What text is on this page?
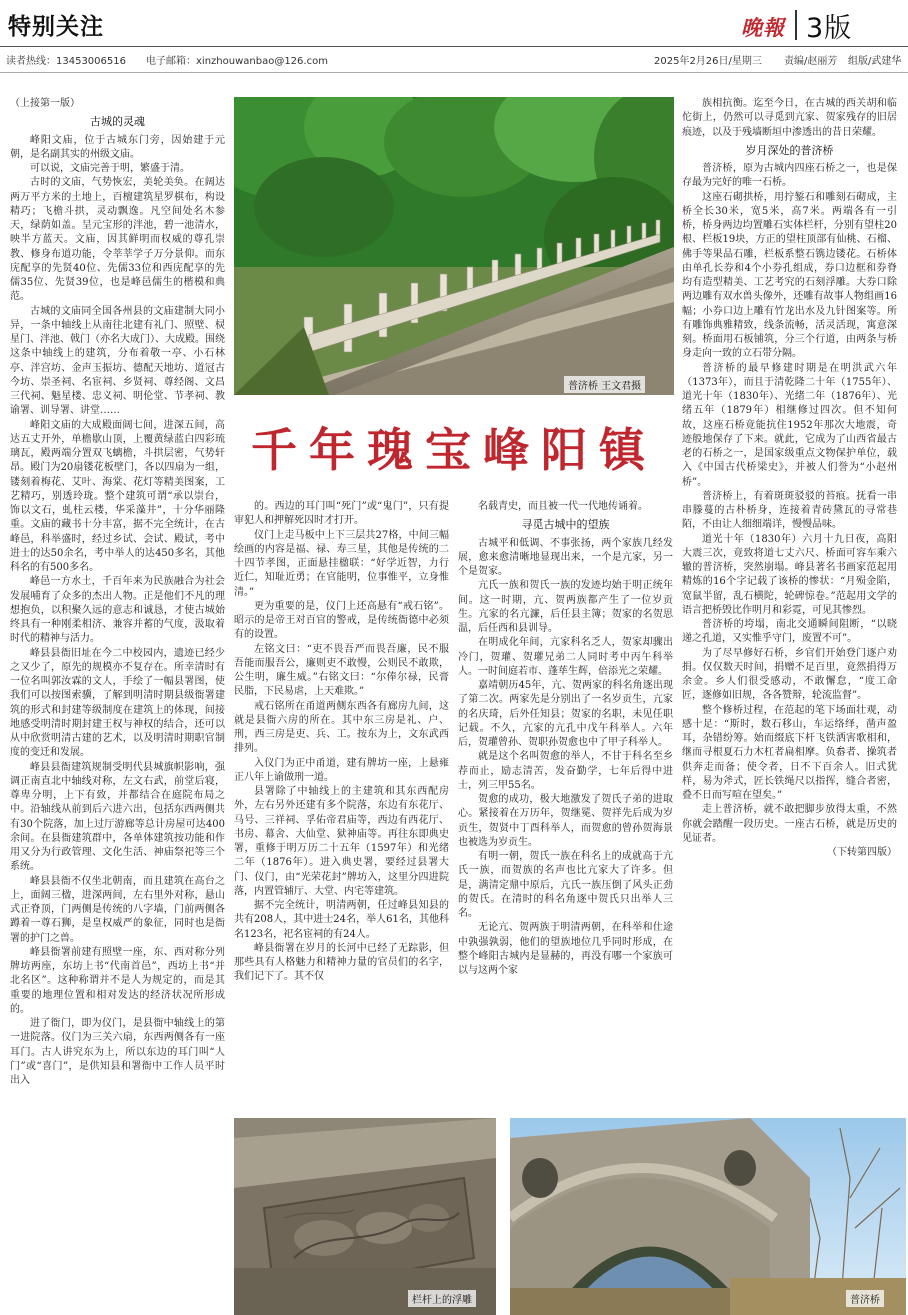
特别关注	晚報 3版
读者热线：13453006516 电子邮箱：xinzhouwanbao@126.com	2025年2月26日/星期三 责编/赵丽芳 组版/武建华
普济桥 王文君摄
千年瑰宝峰阳镇

（上接第一版）

古城的灵魂

峰阳文庙，位于古城东门旁，因始建于元朝，是名副其实的州级文庙。

可以说，文庙完善于明，繁盛于清。

古时的文庙，气势恢宏，美轮美奂。在阔达两万平方米的土地上，百檀建筑星罗棋布，构设精巧；飞檐斗拱，灵动飘逸。凡空间处名木参天，绿荫如盖。呈元宝形的泮池，碧一池清水，映半方蓝天。文庙，因其鲜明而权威的尊孔崇教、修身布道功能，令莘莘学子万分景仰。而东庑配享的先贤40位、先儒33位和西庑配享的先儒35位、先贤39位，也是峰邑儒生的楷模和典范。

古城的文庙同全国各州县的文庙建制大同小异，一条中轴线上从南往北建有礼门、照壁、棂星门、泮池、戟门（亦名大成门）、大成殿。围绕这条中轴线上的建筑，分布着敬一亭、小石林亭、泮宫坊、金声玉振坊、德配天地坊、道冠古今坊、崇圣祠、名宦祠、乡贤祠、尊经阁、文昌三代祠、魁星楼、忠义祠、明伦堂、节孝祠、教谕署、训导署、讲堂……

峰阳文庙的大成殿面阔七间，进深五间，高达五丈开外，单檐歇山顶，上覆黄绿蓝白四彩琉璃瓦，殿两端分置双飞螭檐，斗拱层密，气势轩昂。殿门为20扇镂花板壁门，各以四扇为一组，镂刻着梅花、艾叶、海棠、花灯等精美图案，工艺精巧，别透玲珑。整个建筑可谓“承以崇台，饰以文石，虬柱云楼，华采藻井”，十分华丽隆重。文庙的藏书十分丰富，据不完全统计，在古峰邑，科举盛时，经过乡试、会试、殿试，考中进士的达50余名，考中举人的达450多名，其他科名的有500多名。

峰邑一方水土，千百年来为民族融合为社会发展哺育了众多的杰出人物。正是他们不凡的理想抱负，以积聚久远的意志和诚恳，才使古城始终具有一种刚柔相济、兼容并蓄的气度，汲取着时代的精神与活力。

峰县县衙旧址在今二中校园内，遗迹已经少之又少了，原先的规模亦不复存在。所幸清时有一位名叫郭汝霖的文人，手绘了一幅县署图，使我们可以按图索骥，了解到明清时期县级衙署建筑的形式和封建等级制度在建筑上的体现，间接地感受明清时期封建王权与神权的结合，还可以从中欣赏明清古建的艺术，以及明清时期职官制度的变迁和发展。

峰县县衙建筑规制受明代县城旗帜影响，强调正南直北中轴线对称，左文右武，前堂后寝，尊卑分明，上下有致，并都结合在庭院布局之中。沿轴线从前到后六进六出，包括东西两侧共有30个院落，加上过厅游廊等总计房屋可达400余间。在县衙建筑群中，各单体建筑按功能和作用又分为行政管理、文化生活、神庙祭祀等三个系统。

峰县县衙不仅坐北朝南，而且建筑在高台之上，面阔三楹，进深两间，左右里外对称，悬山式正脊顶，门两侧是传统的八字墙，门前两侧各蹲着一尊石狮，是皇权威严的象征，同时也是衙署的护门之兽。

峰县衙署前建有照壁一座，东、西对称分列牌坊两座，东坊上书“代南首邑”，西坊上书“并北名区”。这种称谓并不是人为规定的，而是其重要的地理位置和相对发达的经济状况所形成的。

进了衙门，即为仪门，是县衙中轴线上的第一进院落。仪门为三关六扇，东西两侧各有一座耳门。古人讲究东为上，所以东边的耳门叫“人门”或“喜门”，是供知县和署衙中工作人员平时出入

的。西边的耳门叫“死门”或“鬼门”，只有提审犯人和押解死囚时才打开。

仪门上走马板中上下三层共27格，中间三幅绘画的内容是福、禄、寿三星，其他是传统的二十四节孝图，正面悬挂楹联：“好学近智，力行近仁，知耻近勇；在官能明，位事惟平，立身惟清。”

更为重要的是，仪门上还高悬有“戒石铭”。昭示的是帝王对百官的警戒，是传统衙德中必须有的设置。

左铭文曰：“吏不畏吾严而畏吾廉，民不服吾能而服吾公，廉则吏不敢慢，公则民不敢欺，公生明，廉生威。”右铭文曰：“尔俸尔禄，民膏民脂，下民易虐，上天难欺。”

戒石铭所在甬道两侧东西各有廊房九间，这就是县衙六房的所在。其中东三房是礼、户、刑，西三房是吏、兵、工。按东为上，文东武西排列。

入仪门为正中甬道，建有牌坊一座，上悬雍正八年上谕做刑一道。

县署除了中轴线上的主建筑和其东西配房外，左右另外还建有多个院落，东边有东花厅、马号、三祥祠、孚佑帝君庙等，西边有西花厅、书房、幕舍、大仙堂、狱神庙等。再往东即典史署，重修于明万历二十五年（1597年）和光绪二年（1876年）。进入典史署，要经过县署大门、仪门，由“光荣花封”牌坊入，这里分四进院落，内置管辅厅、大堂、内宅等建筑。

据不完全统计，明清两朝，任过峰县知县的共有208人，其中进士24名，举人61名，其他科名123名，祀名宦祠的有24人。

峰县衙署在岁月的长河中已经了无踪影，但那些具有人格魅力和精神力量的官员们的名字，我们记下了。其不仅

名载青史，而且被一代一代地传诵着。

寻觅古城中的望族

古城平和低调、不事张扬，两个家族几经发展，愈来愈清晰地显现出来，一个是亢家，另一个是贺家。

亢氏一族和贺氏一族的发迹均始于明正统年间。这一时期，亢、贺两族都产生了一位岁贡生。亢家的名亢濂，后任县主簿；贺家的名贺思温，后任西和县训导。

在明成化年间，亢家科名乏人，贺家却骤出冷门，贺瓘、贺瓘兄弟二人同时考中丙午科举人。一时间庭若市、蓬荜生辉，倍添光之荣耀。

嘉靖朝历45年，亢、贺两家的科名角逐出现了第二次。两家先是分别出了一名岁贡生，亢家的名庆琦，后外任知县；贺家的名职，未见任职记载。不久，亢家的亢孔中戊午科举人。六年后，贺瓘曾孙、贺职孙贺愈也中了甲子科举人。

就是这个名叫贺愈的举人，不甘于科名至乡荐而止，励志清苦，发奋勤学，七年后得中进士，列三甲55名。

贺愈的成功，极大地激发了贺氏子弟的进取心。紧接着在万历年，贺继冕、贺祥先后成为岁贡生，贺贤中丁酉科举人，而贺愈的曾孙贺海景也被选为岁贡生。

有明一朝，贺氏一族在科名上的成就高于亢氏一族，而贺族的名声也比亢家大了许多。但是，满清定鼎中原后，亢氏一族压倒了风头正劲的贺氏。在清时的科名角逐中贺氏只出举人三名。

无论亢、贺两族于明清两朝，在科举和仕途中孰强孰弱，他们的望族地位几乎同时形成，在整个峰阳古城内是显赫的，再没有哪一个家族可以与这两个家

族相抗衡。迄至今日，在古城的西关胡和临佗街上，仍然可以寻觅到亢家、贺家残存的旧居痕迹，以及于残墙断垣中渗透出的昔日荣耀。

岁月深处的普济桥

普济桥，原为古城内四座石桥之一，也是保存最为完好的唯一石桥。

这座石砌拱桥，用拧錾石和雕刻石砌成，主桥全长30米，宽5米，高7米。两端各有一引桥，桥身两边均置雕石实体栏杆，分别有望柱20根、栏板19块，方正的望柱顶部有仙桃、石榴、佛手等果品石雕，栏板系整石镌边镂花。石桥体由单孔长券和4个小券孔组成，券口边框和券脊均有造型精美、工艺考究的石刻浮雕。大券口除两边雕有双水兽头像外，还雕有故事人物组画16幅；小券口边上雕有竹龙出水及九针图案等。所有雕饰典雅精致，线条流畅，活灵活现，寓意深刻。桥面用石板铺筑，分三个行道，由两条与桥身走向一致的立石带分隔。

普济桥的最早修建时期是在明洪武六年（1373年），而且于清乾隆二十年（1755年）、道光十年（1830年）、光绪二年（1876年）、光绪五年（1879年）相继修过四次。但不知何故，这座石桥竟能抗住1952年那次大地震，奇迹般地保存了下来。就此，它成为了山西省最古老的石桥之一，是国家级重点文物保护单位，载入《中国古代桥梁史》，并被人们誉为“小赵州桥”。

普济桥上，有着斑斑驳驳的苔痕。抚看一串串滕蔓的古朴桥身，连接着青砖黛瓦的寻常巷陌，不由让人细细端详，慢慢品味。

道光十年（1830年）六月十九日夜，高阳大震三次，竟致将道七丈六尺、桥面可容车乘六辙的普济桥，突然崩塌。峰县著名书画家范起用精炼的16个字记载了该桥的惨状：“月殒金陷，宽鼠半留，乱石横陀，轮碑惊卷。”范起用文学的语言把桥毁比作明月和彩霓，可见其惨烈。

普济桥的垮塌，南北交通瞬间阻断，“以晓递之孔道，又实惟乎守门，废置不可”。

为了尽早修好石桥，乡官们开始登门逐户劝捐。仅仅数天时间，捐赠不足百里，竟然捐得万余金。乡人们很受感动，不敢懈怠，“度工命匠，逐修如旧规，各各赞辩，轮流监督”。

整个修桥过程，在范起的笔下场面壮观，动感十足：“斯时，数石移山，车运络绎，凿声盈耳，杂错纷筹。始而缀底下杆飞铁洒害歌相和，继而寻根夏石力木杠者扁相摩。负畚者、操筑者供奔走而备；使令者，日不下百余人。旧式犹样，易为斧式，匠长铁绳尺以指挥，缝合者密，叠不日而写喧在望矣。”

走上普济桥，就不敢把脚步放得太重，不然你就会踏醒一段历史。一座古石桥，就是历史的见证者。

（下转第四版）

栏杆上的浮雕	普济桥
